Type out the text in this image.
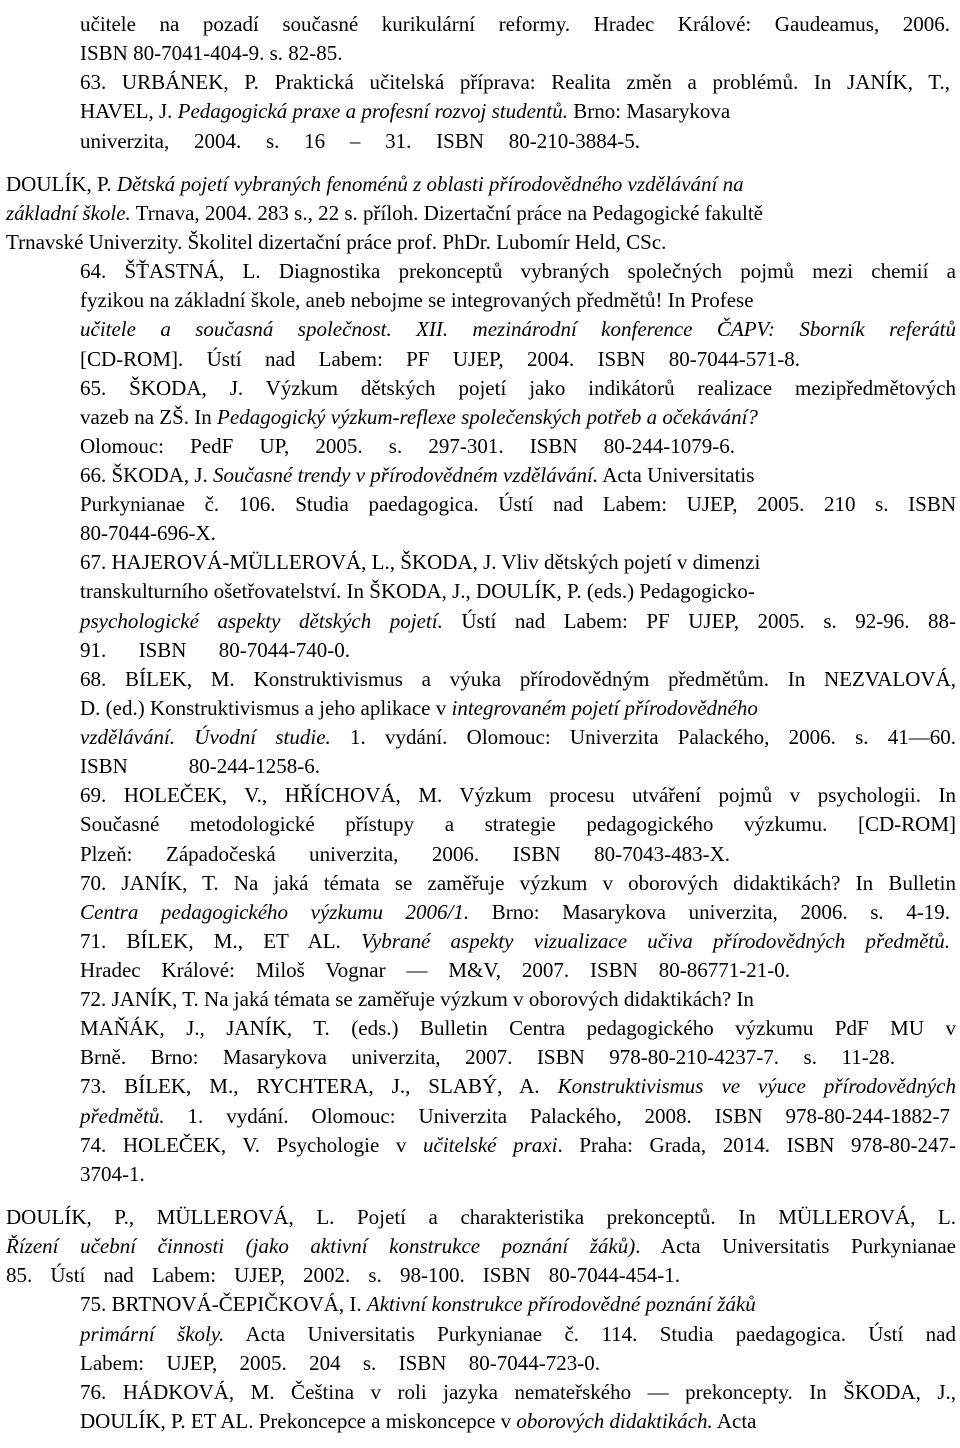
učitele na pozadí současné kurikulární reformy. Hradec Králové: Gaudeamus, 2006.
ISBN 80-7041-404-9. s. 82-85.
63. URBÁNEK, P. Praktická učitelská příprava: Realita změn a problémů. In JANÍK, T.,
HAVEL, J. Pedagogická praxe a profesní rozvoj studentů. Brno: Masarykova
univerzita, 2004. s. 16 – 31. ISBN 80-210-3884-5.
DOULÍK, P. Dětská pojetí vybraných fenoménů z oblasti přírodovědného vzdělávání na
základní škole. Trnava, 2004. 283 s., 22 s. příloh. Dizertační práce na Pedagogické fakultě
Trnavské Univerzity. Školitel dizertační práce prof. PhDr. Lubomír Held, CSc.
64. ŠŤASTNÁ, L. Diagnostika prekonceptů vybraných společných pojmů mezi chemií a
fyzikou na základní škole, aneb nebojme se integrovaných předmětů! In Profese
učitele a současná společnost. XII. mezinárodní konference ČAPV: Sborník referátů
[CD-ROM]. Ústí nad Labem: PF UJEP, 2004. ISBN 80-7044-571-8.
65. ŠKODA, J. Výzkum dětských pojetí jako indikátorů realizace mezipředmětových
vazeb na ZŠ. In Pedagogický výzkum-reflexe společenských potřeb a očekávání?
Olomouc: PedF UP, 2005. s. 297-301. ISBN 80-244-1079-6.
66. ŠKODA, J. Současné trendy v přírodovědném vzdělávání. Acta Universitatis
Purkynianae č. 106. Studia paedagogica. Ústí nad Labem: UJEP, 2005. 210 s. ISBN
80-7044-696-X.
67. HAJEROVÁ-MÜLLEROVÁ, L., ŠKODA, J. Vliv dětských pojetí v dimenzi
transkulturního ošetřovatelství. In ŠKODA, J., DOULÍK, P. (eds.) Pedagogicko-
psychologické aspekty dětských pojetí. Ústí nad Labem: PF UJEP, 2005. s. 92-96. 88-
91. ISBN 80-7044-740-0.
68. BÍLEK, M. Konstruktivismus a výuka přírodovědným předmětům. In NEZVALOVÁ,
D. (ed.) Konstruktivismus a jeho aplikace v integrovaném pojetí přírodovědného
vzdělávání. Úvodní studie. 1. vydání. Olomouc: Univerzita Palackého, 2006. s. 41—60.
ISBN 80-244-1258-6.
69. HOLEČEK, V., HŘÍCHOVÁ, M. Výzkum procesu utváření pojmů v psychologii. In
Současné metodologické přístupy a strategie pedagogického výzkumu. [CD-ROM]
Plzeň: Západočeská univerzita, 2006. ISBN 80-7043-483-X.
70. JANÍK, T. Na jaká témata se zaměřuje výzkum v oborových didaktikách? In Bulletin
Centra pedagogického výzkumu 2006/1. Brno: Masarykova univerzita, 2006. s. 4-19.
71. BÍLEK, M., ET AL. Vybrané aspekty vizualizace učiva přírodovědných předmětů.
Hradec Králové: Miloš Vognar — M&V, 2007. ISBN 80-86771-21-0.
72. JANÍK, T. Na jaká témata se zaměřuje výzkum v oborových didaktikách? In
MAŇÁK, J., JANÍK, T. (eds.) Bulletin Centra pedagogického výzkumu PdF MU v
Brně. Brno: Masarykova univerzita, 2007. ISBN 978-80-210-4237-7. s. 11-28.
73. BÍLEK, M., RYCHTERA, J., SLABÝ, A. Konstruktivismus ve výuce přírodovědných
předmětů. 1. vydání. Olomouc: Univerzita Palackého, 2008. ISBN 978-80-244-1882-7
74. HOLEČEK, V. Psychologie v učitelské praxi. Praha: Grada, 2014. ISBN 978-80-247-
3704-1.
DOULÍK, P., MÜLLEROVÁ, L. Pojetí a charakteristika prekonceptů. In MÜLLEROVÁ, L.
Řízení učební činnosti (jako aktivní konstrukce poznání žáků). Acta Universitatis Purkynianae
85. Ústí nad Labem: UJEP, 2002. s. 98-100. ISBN 80-7044-454-1.
75. BRTNOVÁ-ČEPIČKOVÁ, I. Aktivní konstrukce přírodovědné poznání žáků
primární školy. Acta Universitatis Purkynianae č. 114. Studia paedagogica. Ústí nad
Labem: UJEP, 2005. 204 s. ISBN 80-7044-723-0.
76. HÁDKOVÁ, M. Čeština v roli jazyka nemateřského — prekoncepty. In ŠKODA, J.,
DOULÍK, P. ET AL. Prekoncepce a miskoncepce v oborových didaktikách. Acta
